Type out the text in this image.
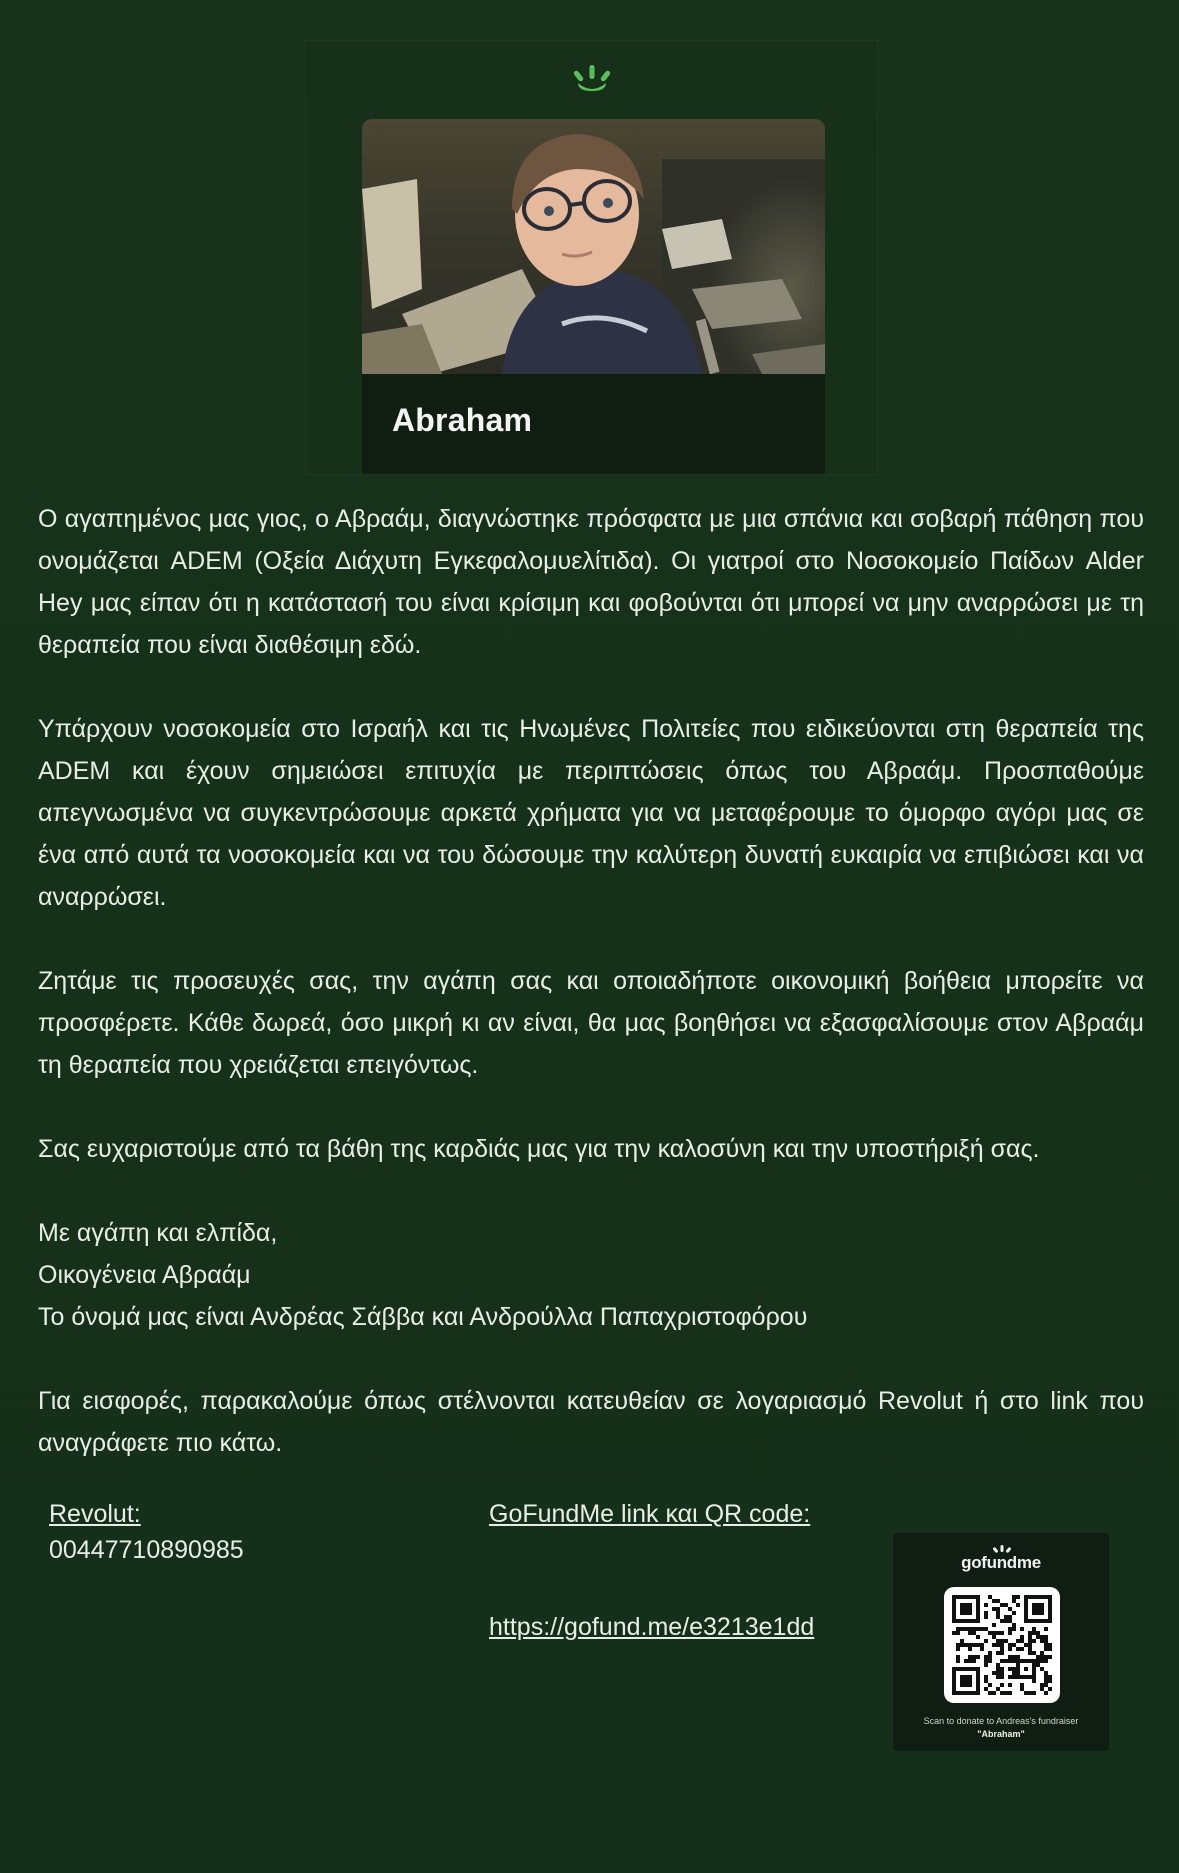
Abraham

Ο αγαπημένος μας γιος, ο Αβραάμ, διαγνώστηκε πρόσφατα με μια σπάνια και σοβαρή πάθηση που ονομάζεται ADEM (Οξεία Διάχυτη Εγκεφαλομυελίτιδα). Οι γιατροί στο Νοσοκομείο Παίδων Alder Hey μας είπαν ότι η κατάστασή του είναι κρίσιμη και φοβούνται ότι μπορεί να μην αναρρώσει με τη θεραπεία που είναι διαθέσιμη εδώ.

Υπάρχουν νοσοκομεία στο Ισραήλ και τις Ηνωμένες Πολιτείες που ειδικεύονται στη θεραπεία της ADEM και έχουν σημειώσει επιτυχία με περιπτώσεις όπως του Αβραάμ. Προσπαθούμε απεγνωσμένα να συγκεντρώσουμε αρκετά χρήματα για να μεταφέρουμε το όμορφο αγόρι μας σε ένα από αυτά τα νοσοκομεία και να του δώσουμε την καλύτερη δυνατή ευκαιρία να επιβιώσει και να αναρρώσει.

Ζητάμε τις προσευχές σας, την αγάπη σας και οποιαδήποτε οικονομική βοήθεια μπορείτε να προσφέρετε. Κάθε δωρεά, όσο μικρή κι αν είναι, θα μας βοηθήσει να εξασφαλίσουμε στον Αβραάμ τη θεραπεία που χρειάζεται επειγόντως.

Σας ευχαριστούμε από τα βάθη της καρδιάς μας για την καλοσύνη και την υποστήριξή σας.

Με αγάπη και ελπίδα,

Οικογένεια Αβραάμ

Το όνομά μας είναι Ανδρέας Σάββα και Ανδρούλλα Παπαχριστοφόρου

Για εισφορές, παρακαλούμε όπως στέλνονται κατευθείαν σε λογαριασμό Revolut ή στο link που αναγράφετε πιο κάτω.

Revolut:
00447710890985
GoFundMe link και QR code:
https://gofund.me/e3213e1dd
gofundme
Scan to donate to Andreas's fundraiser
"Abraham"
